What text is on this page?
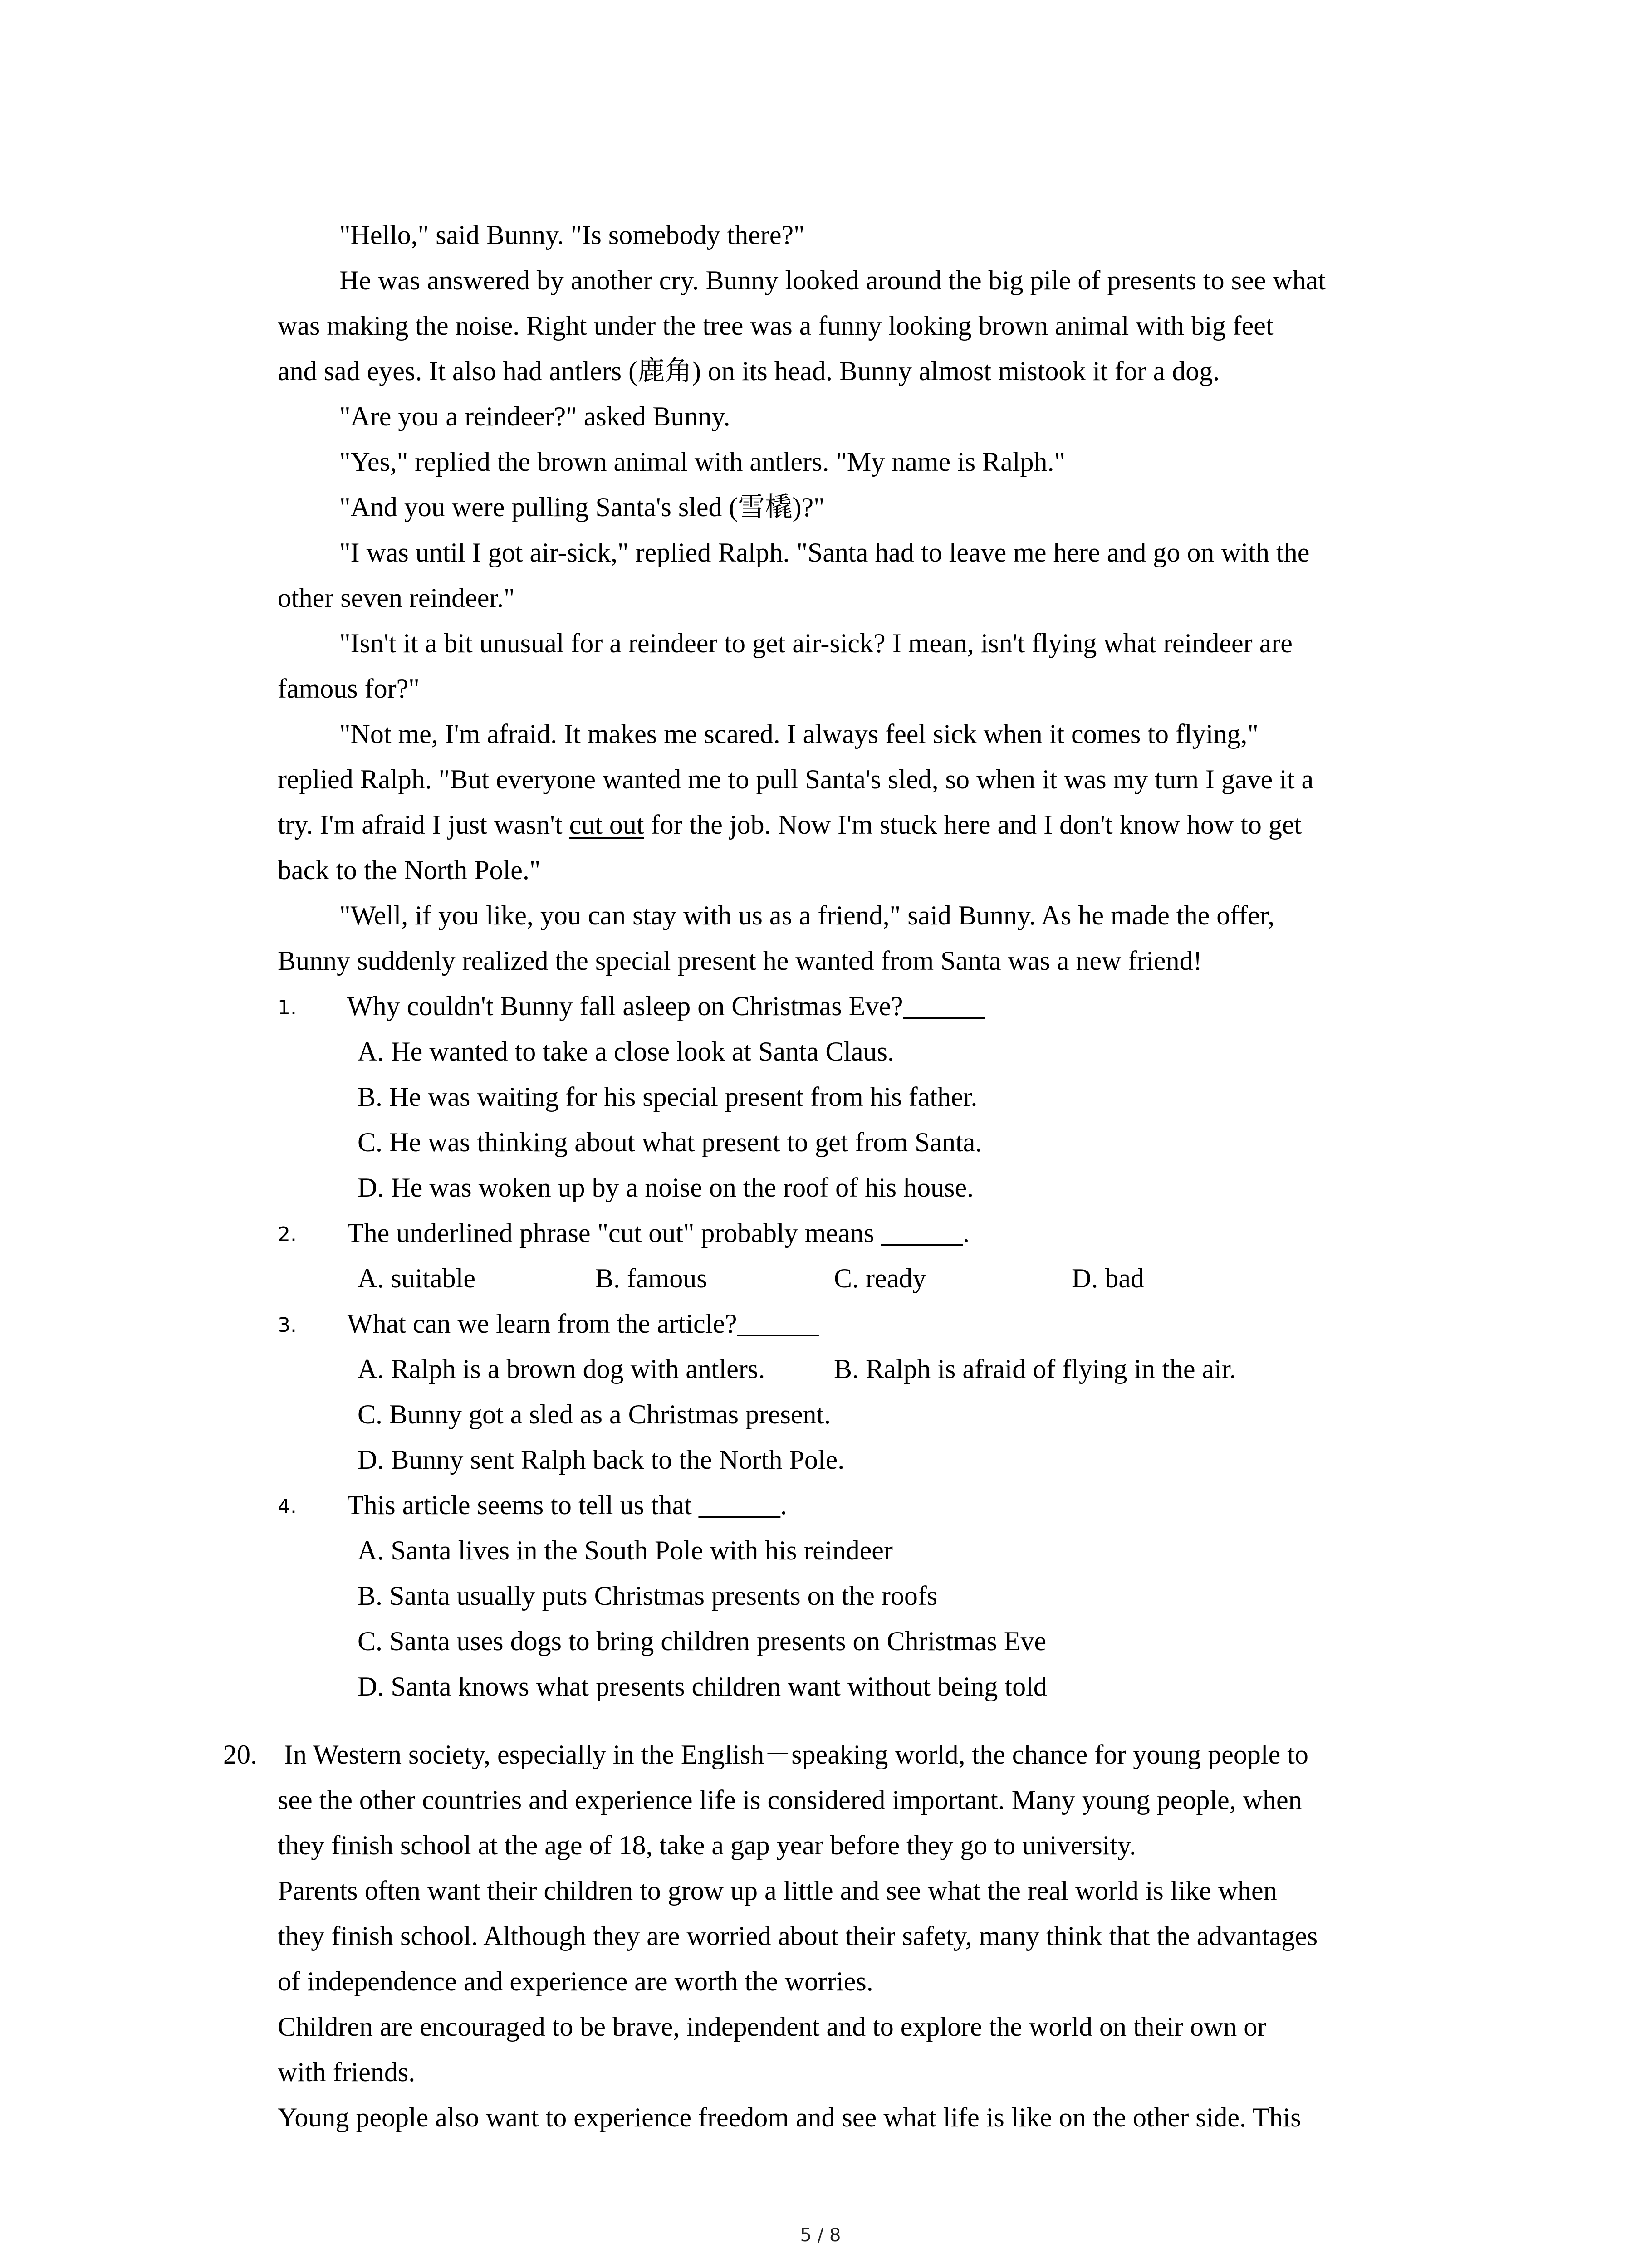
"Hello," said Bunny. "Is somebody there?"
He was answered by another cry. Bunny looked around the big pile of presents to see what
was making the noise. Right under the tree was a funny looking brown animal with big feet
and sad eyes. It also had antlers (鹿角) on its head. Bunny almost mistook it for a dog.
"Are you a reindeer?" asked Bunny.
"Yes," replied the brown animal with antlers. "My name is Ralph."
"And you were pulling Santa's sled (雪橇)?"
"I was until I got air-sick," replied Ralph. "Santa had to leave me here and go on with the
other seven reindeer."
"Isn't it a bit unusual for a reindeer to get air-sick? I mean, isn't flying what reindeer are
famous for?"
"Not me, I'm afraid. It makes me scared. I always feel sick when it comes to flying,"
replied Ralph. "But everyone wanted me to pull Santa's sled, so when it was my turn I gave it a
try. I'm afraid I just wasn't cut out for the job. Now I'm stuck here and I don't know how to get
back to the North Pole."
"Well, if you like, you can stay with us as a friend," said Bunny. As he made the offer,
Bunny suddenly realized the special present he wanted from Santa was a new friend!
1. Why couldn't Bunny fall asleep on Christmas Eve?______
A. He wanted to take a close look at Santa Claus.
B. He was waiting for his special present from his father.
C. He was thinking about what present to get from Santa.
D. He was woken up by a noise on the roof of his house.
2. The underlined phrase "cut out" probably means ______.
A. suitable	B. famous	C. ready	D. bad
3. What can we learn from the article?______
A. Ralph is a brown dog with antlers.	B. Ralph is afraid of flying in the air.
C. Bunny got a sled as a Christmas present.
D. Bunny sent Ralph back to the North Pole.
4. This article seems to tell us that ______.
A. Santa lives in the South Pole with his reindeer
B. Santa usually puts Christmas presents on the roofs
C. Santa uses dogs to bring children presents on Christmas Eve
D. Santa knows what presents children want without being told
20. In Western society, especially in the English－speaking world, the chance for young people to
see the other countries and experience life is considered important. Many young people, when
they finish school at the age of 18, take a gap year before they go to university.
Parents often want their children to grow up a little and see what the real world is like when
they finish school. Although they are worried about their safety, many think that the advantages
of independence and experience are worth the worries.
Children are encouraged to be brave, independent and to explore the world on their own or
with friends.
Young people also want to experience freedom and see what life is like on the other side. This
5 / 8
